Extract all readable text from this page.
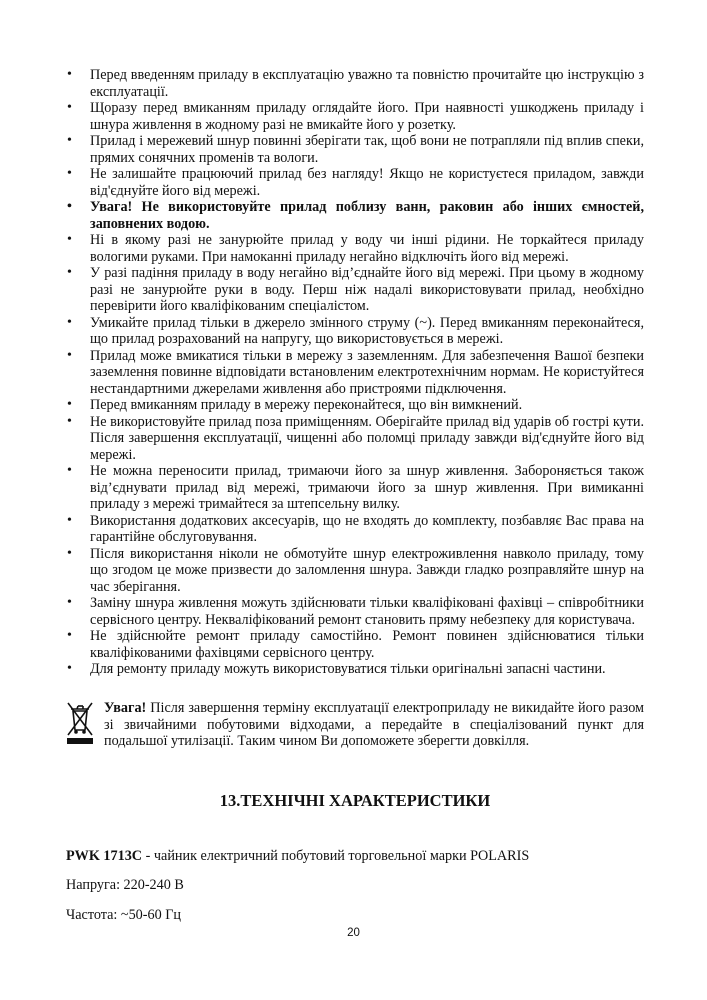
• Перед введенням приладу в експлуатацію уважно та повністю прочитайте цю інструкцію з експлуатації.
• Щоразу перед вмиканням приладу оглядайте його. При наявності ушкоджень приладу і шнура живлення в жодному разі не вмикайте його у розетку.
• Прилад і мережевий шнур повинні зберігати так, щоб вони не потрапляли під вплив спеки, прямих сонячних променів та вологи.
• Не залишайте працюючий прилад без нагляду! Якщо не користуєтеся приладом, завжди від'єднуйте його від мережі.
• Увага! Не використовуйте прилад поблизу ванн, раковин або інших ємностей, заповнених водою.
• Ні в якому разі не занурюйте прилад у воду чи інші рідини. Не торкайтеся приладу вологими руками. При намоканні приладу негайно відключіть його від мережі.
• У разі падіння приладу в воду негайно від’єднайте його від мережі. При цьому в жодному разі не занурюйте руки в воду. Перш ніж надалі використовувати прилад, необхідно перевірити його кваліфікованим спеціалістом.
• Умикайте прилад тільки в джерело змінного струму (~). Перед вмиканням переконайтеся, що прилад розрахований на напругу, що використовується в мережі.
• Прилад може вмикатися тільки в мережу з заземленням. Для забезпечення Вашої безпеки заземлення повинне відповідати встановленим електротехнічним нормам. Не користуйтеся нестандартними джерелами живлення або пристроями підключення.
• Перед вмиканням приладу в мережу переконайтеся, що він вимкнений.
• Не використовуйте прилад поза приміщенням. Оберігайте прилад від ударів об гострі кути. Після завершення експлуатації, чищенні або поломці приладу завжди від'єднуйте його від мережі.
• Не можна переносити прилад, тримаючи його за шнур живлення. Забороняється також від’єднувати прилад від мережі, тримаючи його за шнур живлення. При вимиканні приладу з мережі тримайтеся за штепсельну вилку.
• Використання додаткових аксесуарів, що не входять до комплекту, позбавляє Вас права на гарантійне обслуговування.
• Після використання ніколи не обмотуйте шнур електроживлення навколо приладу, тому що згодом це може призвести до заломлення шнура. Завжди гладко розправляйте шнур на час зберігання.
• Заміну шнура живлення можуть здійснювати тільки кваліфіковані фахівці – співробітники сервісного центру. Некваліфікований ремонт становить пряму небезпеку для користувача.
• Не здійснюйте ремонт приладу самостійно. Ремонт повинен здійснюватися тільки кваліфікованими фахівцями сервісного центру.
• Для ремонту приладу можуть використовуватися тільки оригінальні запасні частини.
Увага! Після завершення терміну експлуатації електроприладу не викидайте його разом зі звичайними побутовими відходами, а передайте в спеціалізований пункт для подальшої утилізації. Таким чином Ви допоможете зберегти довкілля.
13.ТЕХНІЧНІ ХАРАКТЕРИСТИКИ

PWK 1713C - чайник електричний побутовий торговельної марки POLARIS

Напруга: 220-240 В

Частота: ~50-60 Гц

20
